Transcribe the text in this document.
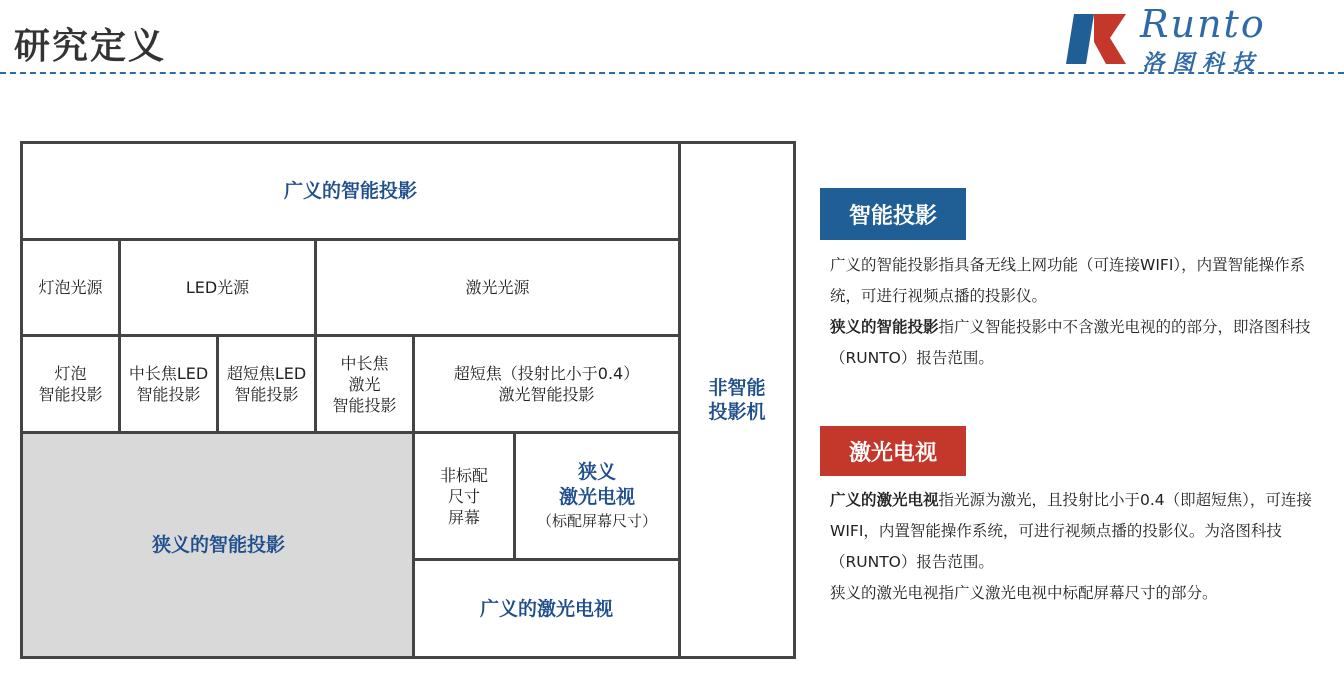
研究定义
Runto
洛图科技
广义的智能投影
非智能
投影机
灯泡光源	LED光源	激光光源
灯泡
智能投影
中长焦LED
智能投影
超短焦LED
智能投影
中长焦
激光
智能投影
超短焦（投射比小于0.4）
激光智能投影
狭义的智能投影
非标配
尺寸
屏幕
狭义
激光电视
（标配屏幕尺寸）
广义的激光电视
智能投影

广义的智能投影指具备无线上网功能（可连接WIFI），内置智能操作系统，可进行视频点播的投影仪。

狭义的智能投影指广义智能投影中不含激光电视的的部分，即洛图科技（RUNTO）报告范围。

激光电视

广义的激光电视指光源为激光，且投射比小于0.4（即超短焦），可连接WIFI，内置智能操作系统，可进行视频点播的投影仪。为洛图科技（RUNTO）报告范围。

狭义的激光电视指广义激光电视中标配屏幕尺寸的部分。
